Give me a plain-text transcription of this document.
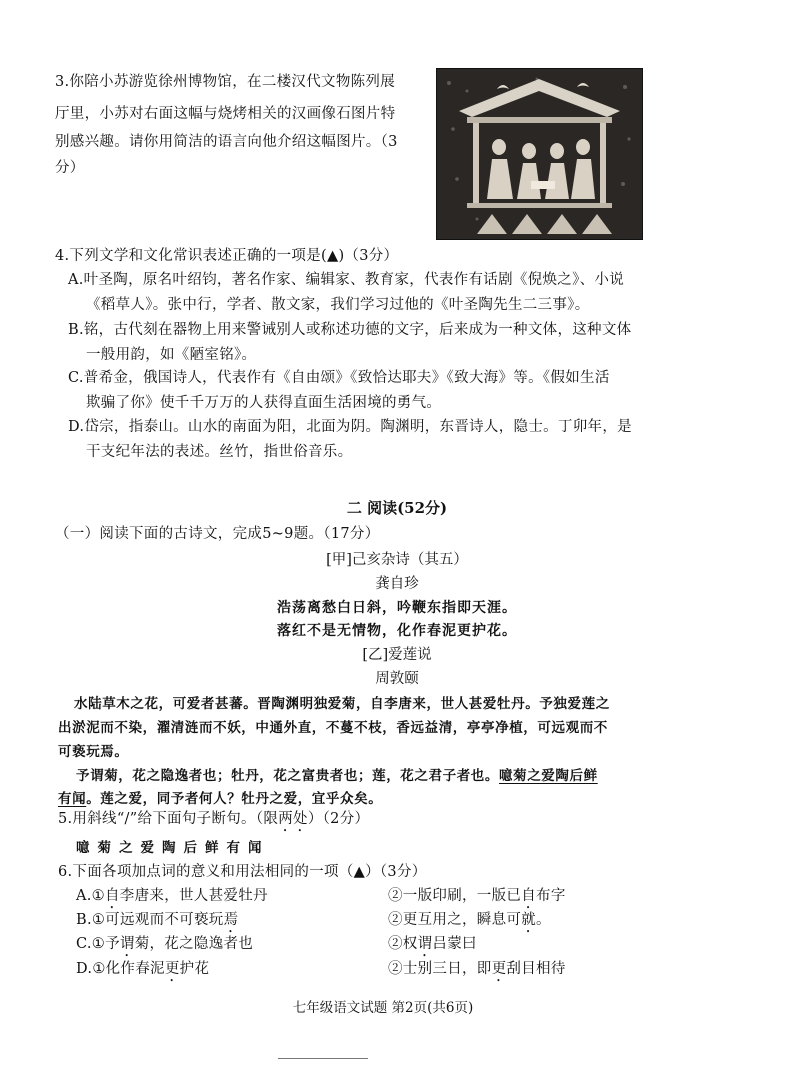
3.你陪小苏游览徐州博物馆，在二楼汉代文物陈列展
厅里，小苏对右面这幅与烧烤相关的汉画像石图片特
别感兴趣。请你用简洁的语言向他介绍这幅图片。（3
分）
4.下列文学和文化常识表述正确的一项是(▲)（3分）
A.叶圣陶，原名叶绍钧，著名作家、编辑家、教育家，代表作有话剧《倪焕之》、小说
《稻草人》。张中行，学者、散文家，我们学习过他的《叶圣陶先生二三事》。
B.铭，古代刻在器物上用来警诫别人或称述功德的文字，后来成为一种文体，这种文体
一般用韵，如《陋室铭》。
C.普希金，俄国诗人，代表作有《自由颂》《致恰达耶夫》《致大海》等。《假如生活
欺骗了你》使千千万万的人获得直面生活困境的勇气。
D.岱宗，指泰山。山水的南面为阳，北面为阴。陶渊明，东晋诗人，隐士。丁卯年，是
干支纪年法的表述。丝竹，指世俗音乐。
二 阅读(52分)
（一）阅读下面的古诗文，完成5~9题。（17分）
[甲]己亥杂诗（其五）
龚自珍
浩荡离愁白日斜，吟鞭东指即天涯。
落红不是无情物，化作春泥更护花。
[乙]爱莲说
周敦颐
水陆草木之花，可爱者甚蕃。晋陶渊明独爱菊，自李唐来，世人甚爱牡丹。予独爱莲之
出淤泥而不染，濯清涟而不妖，中通外直，不蔓不枝，香远益清，亭亭净植，可远观而不
可亵玩焉。
予谓菊，花之隐逸者也；牡丹，花之富贵者也；莲，花之君子者也。噫菊之爱陶后鲜
有闻。莲之爱，同予者何人？牡丹之爱，宜乎众矣。
5.用斜线“/”给下面句子断句。（限两处）（2分）
噫菊之爱陶后鲜有闻
6.下面各项加点词的意义和用法相同的一项（▲）（3分）
A.①自李唐来，世人甚爱牡丹	②一版印刷，一版已自布字
B.①可远观而不可亵玩焉	②更互用之，瞬息可就。
C.①予谓菊，花之隐逸者也	②权谓吕蒙曰
D.①化作春泥更护花	②士别三日，即更刮目相待
七年级语文试题 第2页(共6页)
